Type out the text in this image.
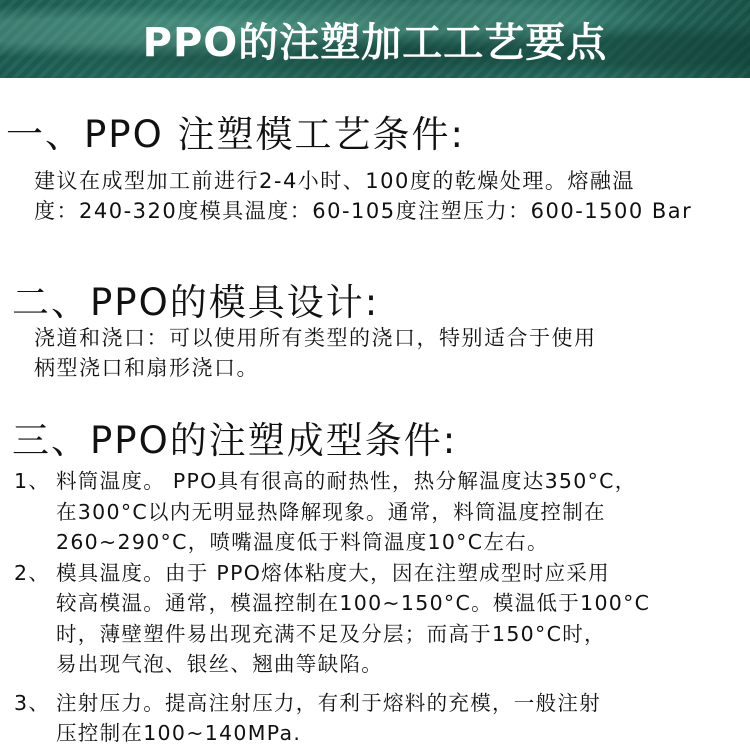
PPO的注塑加工工艺要点
一、PPO 注塑模工艺条件:
建议在成型加工前进行2-4小时、100度的乾燥处理。熔融温
度：240-320度模具温度：60-105度注塑压力：600-1500 Bar
二、PPO的模具设计:
浇道和浇口：可以使用所有类型的浇口，特别适合于使用
柄型浇口和扇形浇口。
三、PPO的注塑成型条件:
1、 料筒温度。 PPO具有很高的耐热性，热分解温度达350°C，
在300°C以内无明显热降解现象。通常，料筒温度控制在
260~290°C，喷嘴温度低于料筒温度10°C左右。
2、 模具温度。由于 PPO熔体粘度大，因在注塑成型时应采用
较高模温。通常，模温控制在100~150°C。模温低于100°C
时，薄壁塑件易出现充满不足及分层；而高于150°C时，
易出现气泡、银丝、翘曲等缺陷。
3、 注射压力。提高注射压力，有利于熔料的充模，一般注射
压控制在100~140MPa.
